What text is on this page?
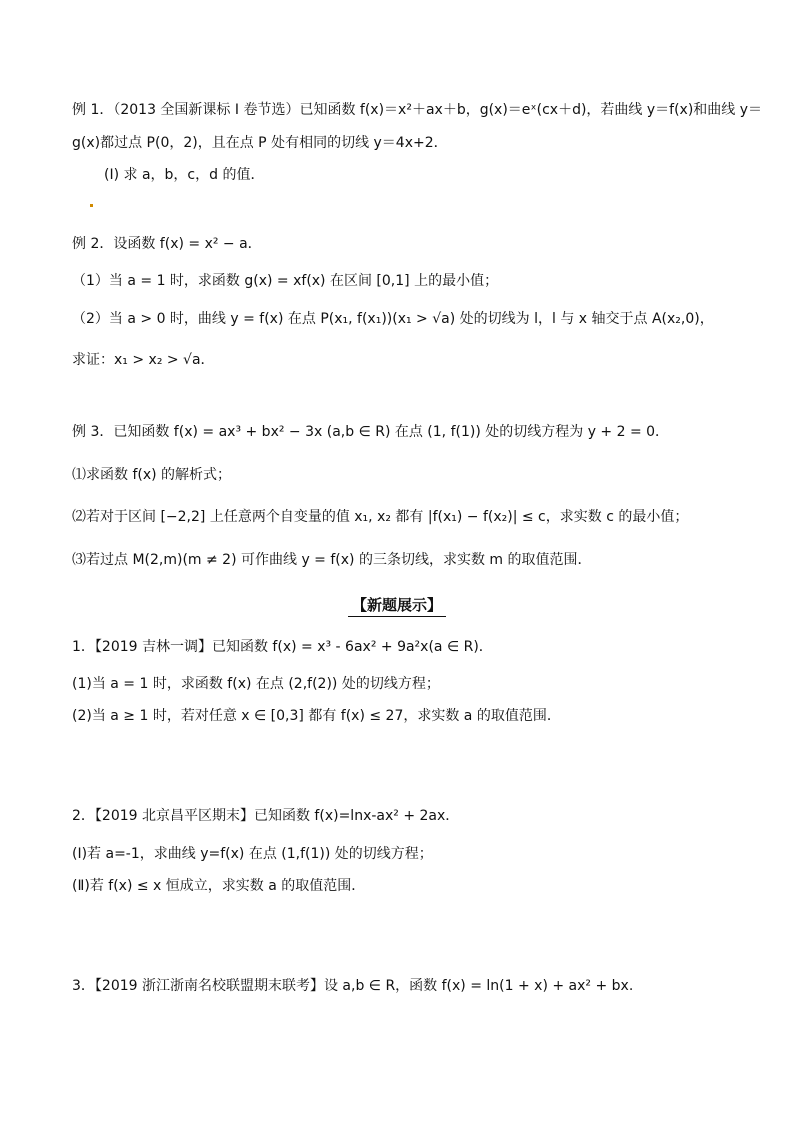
例 1．（2013 全国新课标 I 卷节选）已知函数 f(x)＝x²＋ax＋b，g(x)＝eˣ(cx＋d)，若曲线 y＝f(x)和曲线 y＝
g(x)都过点 P(0，2)，且在点 P 处有相同的切线 y＝4x+2．
(Ⅰ) 求 a，b，c，d 的值．
例 2．设函数 f(x) = x² − a．
（1）当 a = 1 时，求函数 g(x) = xf(x) 在区间 [0,1] 上的最小值；
（2）当 a > 0 时，曲线 y = f(x) 在点 P(x₁, f(x₁))(x₁ > √a) 处的切线为 l，l 与 x 轴交于点 A(x₂,0)，
求证：x₁ > x₂ > √a．
例 3．已知函数 f(x) = ax³ + bx² − 3x (a,b ∈ R) 在点 (1, f(1)) 处的切线方程为 y + 2 = 0．
⑴求函数 f(x) 的解析式；
⑵若对于区间 [−2,2] 上任意两个自变量的值 x₁, x₂ 都有 |f(x₁) − f(x₂)| ≤ c，求实数 c 的最小值；
⑶若过点 M(2,m)(m ≠ 2) 可作曲线 y = f(x) 的三条切线，求实数 m 的取值范围．
【新题展示】
1．【2019 吉林一调】已知函数 f(x) = x³ - 6ax² + 9a²x(a ∈ R)．
(1)当 a = 1 时，求函数 f(x) 在点 (2,f(2)) 处的切线方程；
(2)当 a ≥ 1 时，若对任意 x ∈ [0,3] 都有 f(x) ≤ 27，求实数 a 的取值范围．
2．【2019 北京昌平区期末】已知函数 f(x)=lnx-ax² + 2ax．
(Ⅰ)若 a=-1，求曲线 y=f(x) 在点 (1,f(1)) 处的切线方程；
(Ⅱ)若 f(x) ≤ x 恒成立，求实数 a 的取值范围．
3．【2019 浙江浙南名校联盟期末联考】设 a,b ∈ R，函数 f(x) = ln(1 + x) + ax² + bx.
